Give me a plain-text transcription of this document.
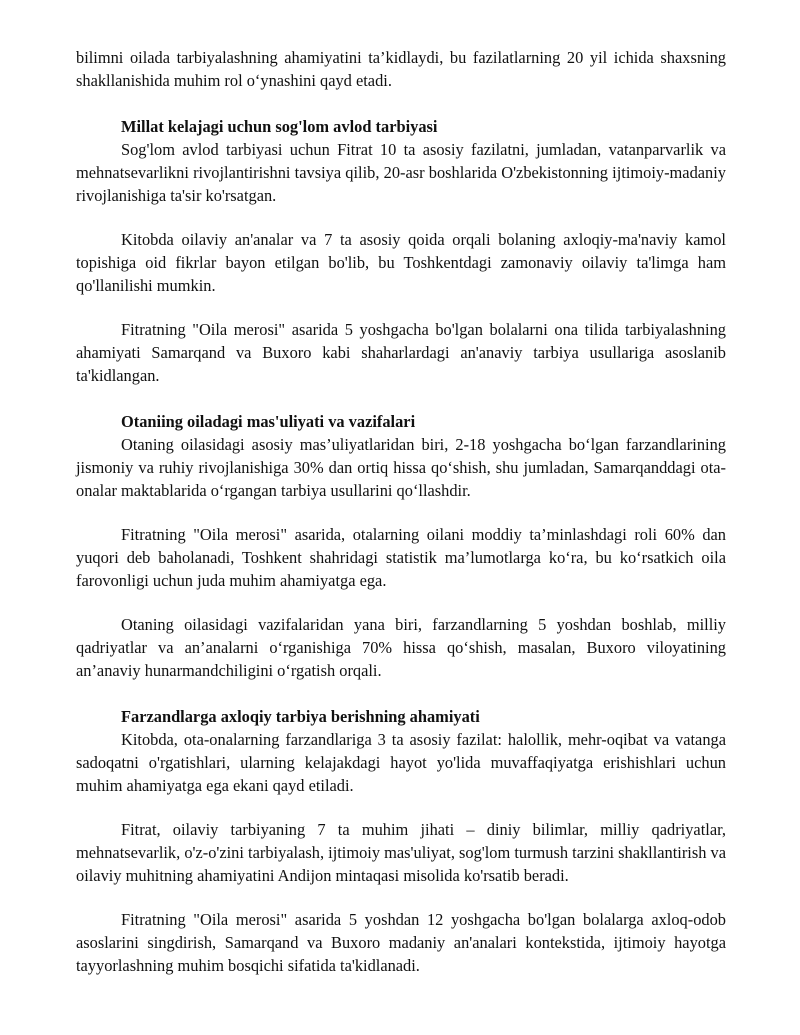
bilimni oilada tarbiyalashning ahamiyatini ta’kidlaydi, bu fazilatlarning 20 yil ichida shaxsning shakllanishida muhim rol o‘ynashini qayd etadi.

Millat kelajagi uchun sog'lom avlod tarbiyasi

Sog'lom avlod tarbiyasi uchun Fitrat 10 ta asosiy fazilatni, jumladan, vatanparvarlik va mehnatsevarlikni rivojlantirishni tavsiya qilib, 20-asr boshlarida O'zbekistonning ijtimoiy-madaniy rivojlanishiga ta'sir ko'rsatgan.

Kitobda oilaviy an'analar va 7 ta asosiy qoida orqali bolaning axloqiy-ma'naviy kamol topishiga oid fikrlar bayon etilgan bo'lib, bu Toshkentdagi zamonaviy oilaviy ta'limga ham qo'llanilishi mumkin.

Fitratning "Oila merosi" asarida 5 yoshgacha bo'lgan bolalarni ona tilida tarbiyalashning ahamiyati Samarqand va Buxoro kabi shaharlardagi an'anaviy tarbiya usullariga asoslanib ta'kidlangan.

Otaniing oiladagi mas'uliyati va vazifalari

Otaning oilasidagi asosiy mas’uliyatlaridan biri, 2-18 yoshgacha bo‘lgan farzandlarining jismoniy va ruhiy rivojlanishiga 30% dan ortiq hissa qo‘shish, shu jumladan, Samarqanddagi ota-onalar maktablarida o‘rgangan tarbiya usullarini qo‘llashdir.

Fitratning "Oila merosi" asarida, otalarning oilani moddiy ta’minlashdagi roli 60% dan yuqori deb baholanadi, Toshkent shahridagi statistik ma’lumotlarga ko‘ra, bu ko‘rsatkich oila farovonligi uchun juda muhim ahamiyatga ega.

Otaning oilasidagi vazifalaridan yana biri, farzandlarning 5 yoshdan boshlab, milliy qadriyatlar va an’analarni o‘rganishiga 70% hissa qo‘shish, masalan, Buxoro viloyatining an’anaviy hunarmandchiligini o‘rgatish orqali.

Farzandlarga axloqiy tarbiya berishning ahamiyati

Kitobda, ota-onalarning farzandlariga 3 ta asosiy fazilat: halollik, mehr-oqibat va vatanga sadoqatni o'rgatishlari, ularning kelajakdagi hayot yo'lida muvaffaqiyatga erishishlari uchun muhim ahamiyatga ega ekani qayd etiladi.

Fitrat, oilaviy tarbiyaning 7 ta muhim jihati – diniy bilimlar, milliy qadriyatlar, mehnatsevarlik, o'z-o'zini tarbiyalash, ijtimoiy mas'uliyat, sog'lom turmush tarzini shakllantirish va oilaviy muhitning ahamiyatini Andijon mintaqasi misolida ko'rsatib beradi.

Fitratning "Oila merosi" asarida 5 yoshdan 12 yoshgacha bo'lgan bolalarga axloq-odob asoslarini singdirish, Samarqand va Buxoro madaniy an'analari kontekstida, ijtimoiy hayotga tayyorlashning muhim bosqichi sifatida ta'kidlanadi.
